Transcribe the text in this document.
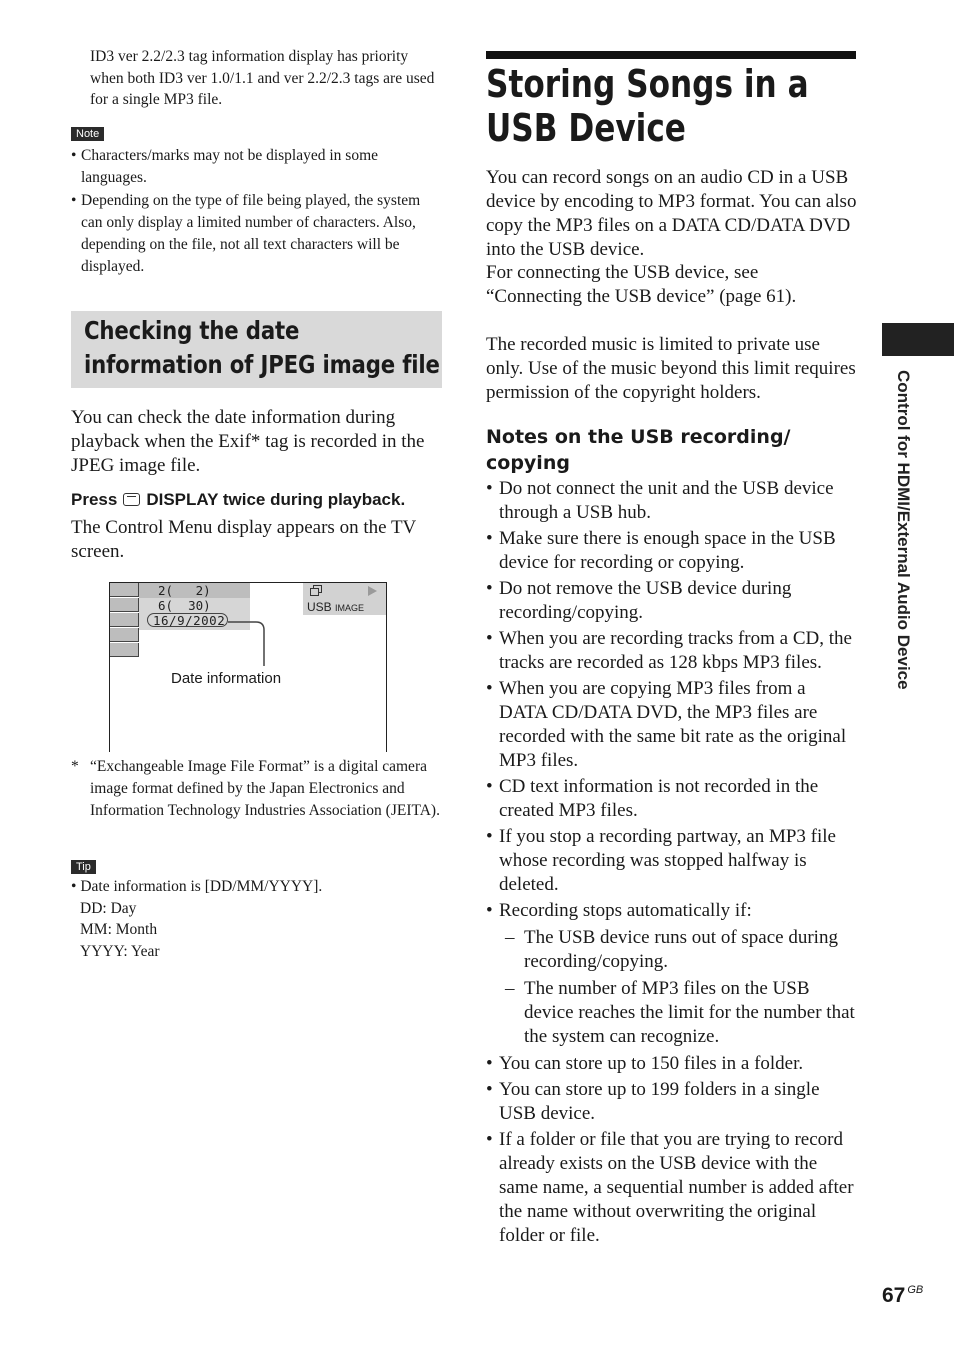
ID3 ver 2.2/2.3 tag information display has priority when both ID3 ver 1.0/1.1 and ver 2.2/2.3 tags are used for a single MP3 file.
Note
• Characters/marks may not be displayed in some languages.
• Depending on the type of file being played, the system can only display a limited number of characters. Also, depending on the file, not all text characters will be displayed.
Checking the date information of JPEG image file
You can check the date information during playback when the Exif* tag is recorded in the JPEG image file.
Press DISPLAY twice during playback.
The Control Menu display appears on the TV screen.
2(   2)
6(  30)
16/9/2002
USB IMAGE
Date information
* “Exchangeable Image File Format” is a digital camera image format defined by the Japan Electronics and Information Technology Industries Association (JEITA).
Tip
• Date information is [DD/MM/YYYY].
DD: Day
MM: Month
YYYY: Year
Storing Songs in a USB Device
You can record songs on an audio CD in a USB device by encoding to MP3 format. You can also copy the MP3 files on a DATA CD/DATA DVD into the USB device.
For connecting the USB device, see “Connecting the USB device” (page 61).
The recorded music is limited to private use only. Use of the music beyond this limit requires permission of the copyright holders.
Notes on the USB recording/ copying
• Do not connect the unit and the USB device through a USB hub.
• Make sure there is enough space in the USB device for recording or copying.
• Do not remove the USB device during recording/copying.
• When you are recording tracks from a CD, the tracks are recorded as 128 kbps MP3 files.
• When you are copying MP3 files from a DATA CD/DATA DVD, the MP3 files are recorded with the same bit rate as the original MP3 files.
• CD text information is not recorded in the created MP3 files.
• If you stop a recording partway, an MP3 file whose recording was stopped halfway is deleted.
• Recording stops automatically if:
– The USB device runs out of space during recording/copying.
– The number of MP3 files on the USB device reaches the limit for the number that the system can recognize.
• You can store up to 150 files in a folder.
• You can store up to 199 folders in a single USB device.
• If a folder or file that you are trying to record already exists on the USB device with the same name, a sequential number is added after the name without overwriting the original folder or file.
Control for HDMI/External Audio Device
67 $^{GB}$
